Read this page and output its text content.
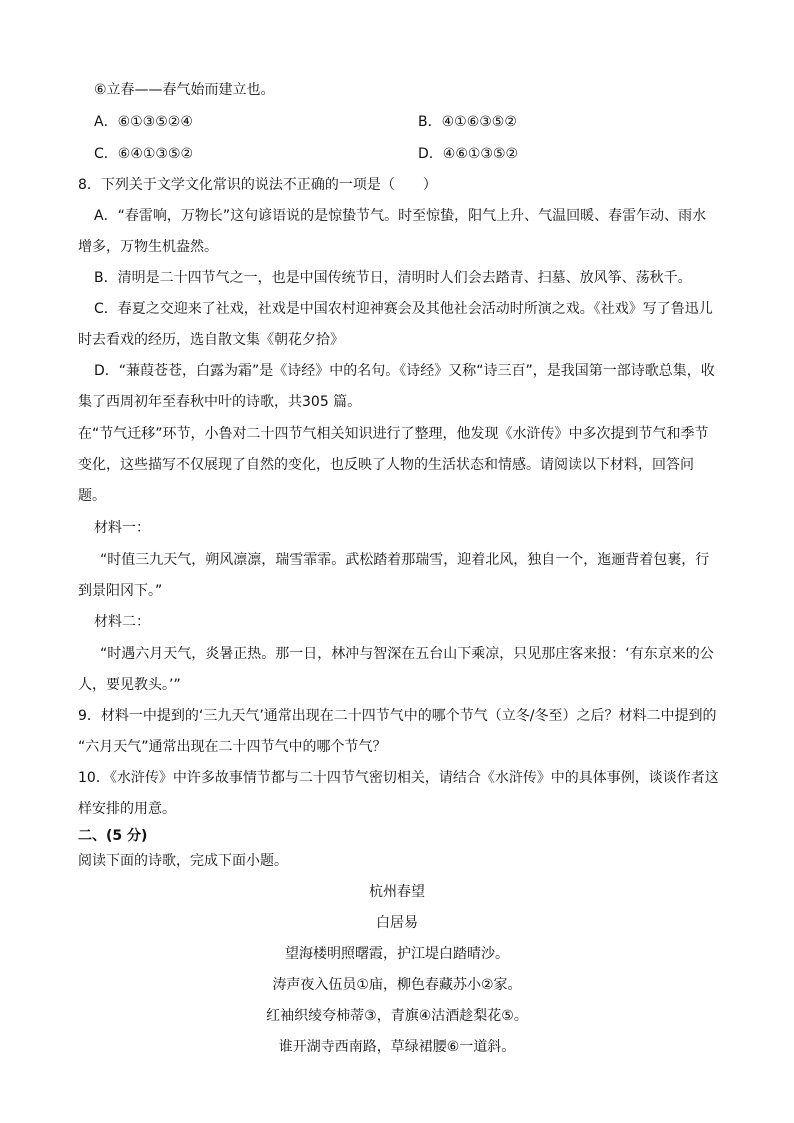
⑥立春——春气始而建立也。
A．⑥①③⑤②④	B．④①⑥③⑤②
C．⑥④①③⑤②	D．④⑥①③⑤②
8．下列关于文学文化常识的说法不正确的一项是（　　）
A．“春雷响，万物长”这句谚语说的是惊蛰节气。时至惊蛰，阳气上升、气温回暖、春雷乍动、雨水
增多，万物生机盎然。
B．清明是二十四节气之一，也是中国传统节日，清明时人们会去踏青、扫墓、放风筝、荡秋千。
C．春夏之交迎来了社戏，社戏是中国农村迎神赛会及其他社会活动时所演之戏。《社戏》写了鲁迅儿
时去看戏的经历，选自散文集《朝花夕拾》
D．“蒹葭苍苍，白露为霜”是《诗经》中的名句。《诗经》又称“诗三百”，是我国第一部诗歌总集，收
集了西周初年至春秋中叶的诗歌，共305 篇。
在“节气迁移”环节，小鲁对二十四节气相关知识进行了整理，他发现《水浒传》中多次提到节气和季节
变化，这些描写不仅展现了自然的变化，也反映了人物的生活状态和情感。请阅读以下材料，回答问
题。
材料一：
“时值三九天气，朔风凛凛，瑞雪霏霏。武松踏着那瑞雪，迎着北风，独自一个，迤逦背着包裹，行
到景阳冈下。”
材料二：
“时遇六月天气，炎暑正热。那一日，林冲与智深在五台山下乘凉，只见那庄客来报：‘有东京来的公
人，要见教头。’”
9．材料一中提到的‘三九天气’通常出现在二十四节气中的哪个节气（立冬/冬至）之后？材料二中提到的
“六月天气”通常出现在二十四节气中的哪个节气？
10．《水浒传》中许多故事情节都与二十四节气密切相关，请结合《水浒传》中的具体事例，谈谈作者这
样安排的用意。
二、(5 分)
阅读下面的诗歌，完成下面小题。
杭州春望
白居易
望海楼明照曙霞，护江堤白踏晴沙。
涛声夜入伍员①庙，柳色春藏苏小②家。
红袖织绫夸柿蒂③，青旗④沽酒趁梨花⑤。
谁开湖寺西南路，草绿裙腰⑥一道斜。
